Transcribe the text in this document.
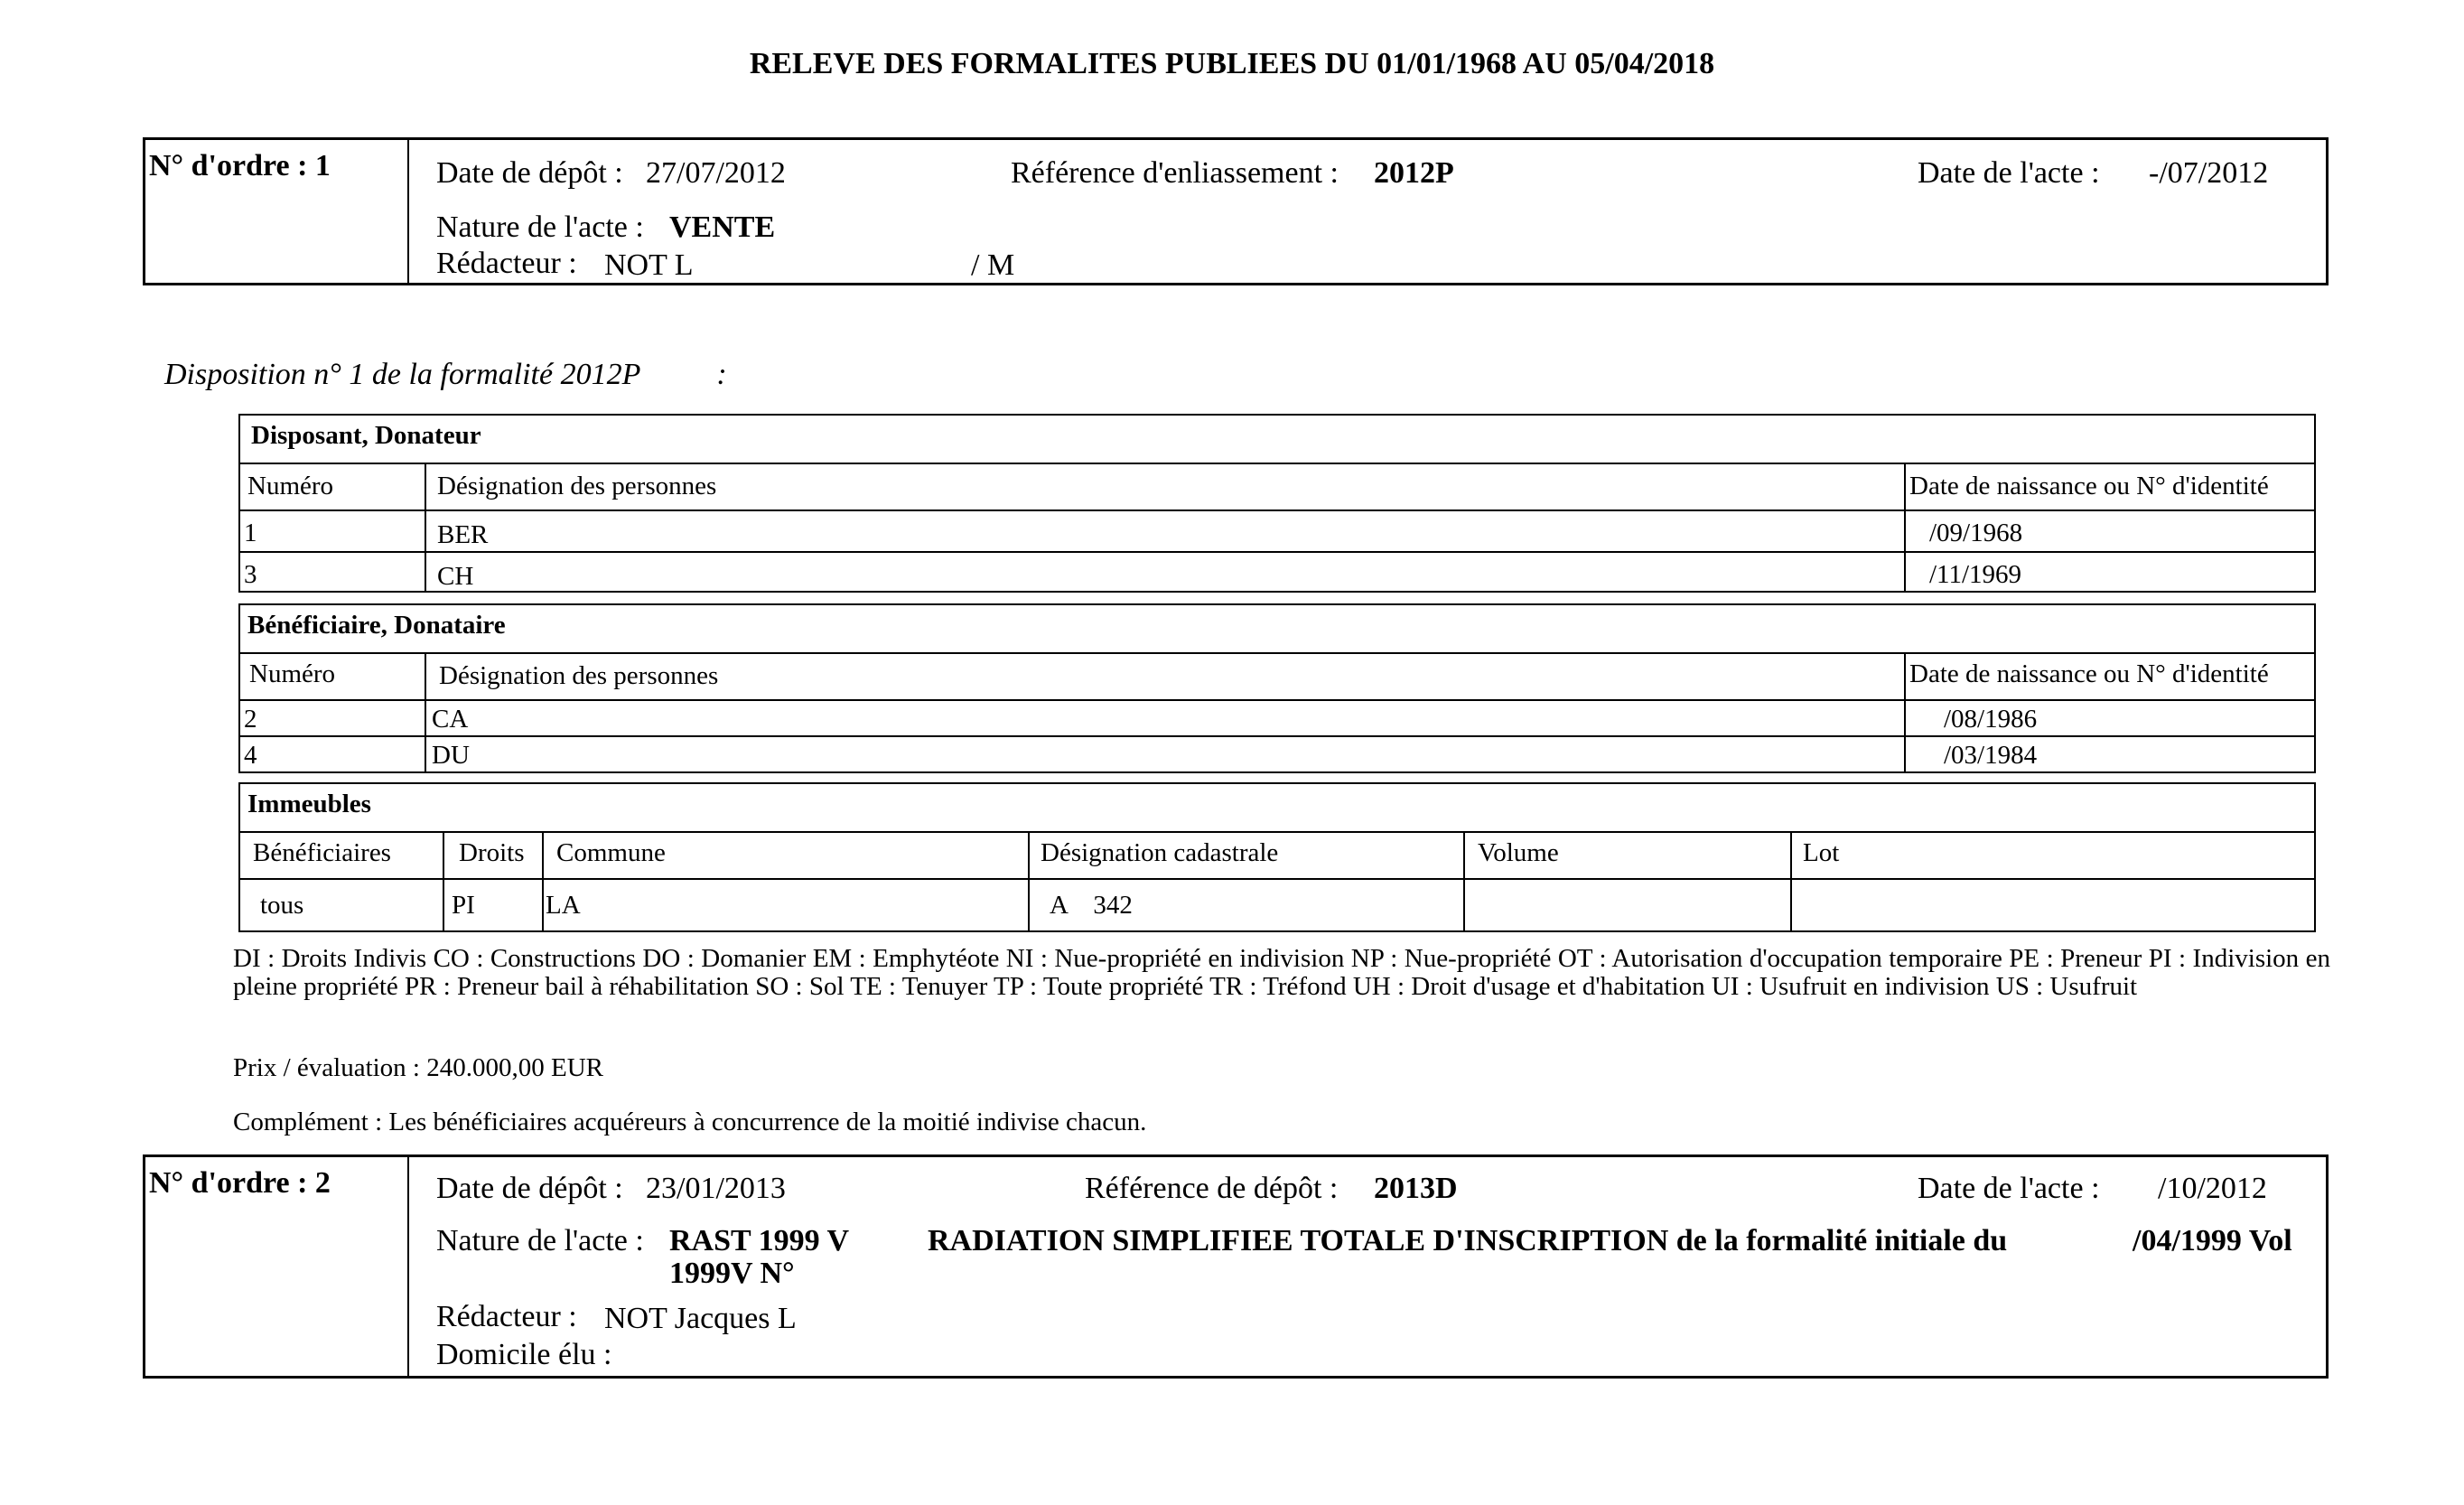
RELEVE DES FORMALITES PUBLIEES DU 01/01/1968 AU 05/04/2018
N° d'ordre : 1	Date de dépôt : 27/07/2012	Référence d'enliassement : 2012P	Date de l'acte : -/07/2012
Nature de l'acte : VENTE
Rédacteur : NOT L	/ M
Disposition n° 1 de la formalité 2012P :
Disposant, Donateur
Numéro	Désignation des personnes	Date de naissance ou N° d'identité
1	BER	/09/1968
3	CH	/11/1969
Bénéficiaire, Donataire
Numéro	Désignation des personnes	Date de naissance ou N° d'identité
2	CA	/08/1986
4	DU	/03/1984
Immeubles
Bénéficiaires	Droits Commune	Désignation cadastrale	Volume	Lot
tous	PI	LA	A    342
DI : Droits Indivis CO : Constructions DO : Domanier EM : Emphytéote NI : Nue-propriété en indivision NP : Nue-propriété OT : Autorisation d'occupation temporaire PE : Preneur PI : Indivision en pleine propriété PR : Preneur bail à réhabilitation SO : Sol TE : Tenuyer TP : Toute propriété TR : Tréfond UH : Droit d'usage et d'habitation UI : Usufruit en indivision US : Usufruit
Prix / évaluation : 240.000,00 EUR
Complément : Les bénéficiaires acquéreurs à concurrence de la moitié indivise chacun.
N° d'ordre : 2	Date de dépôt : 23/01/2013	Référence de dépôt : 2013D	Date de l'acte : /10/2012
Nature de l'acte : RAST 1999 V
1999V N°
RADIATION SIMPLIFIEE TOTALE D'INSCRIPTION de la formalité initiale du	/04/1999 Vol
Rédacteur : NOT Jacques L
Domicile élu :
